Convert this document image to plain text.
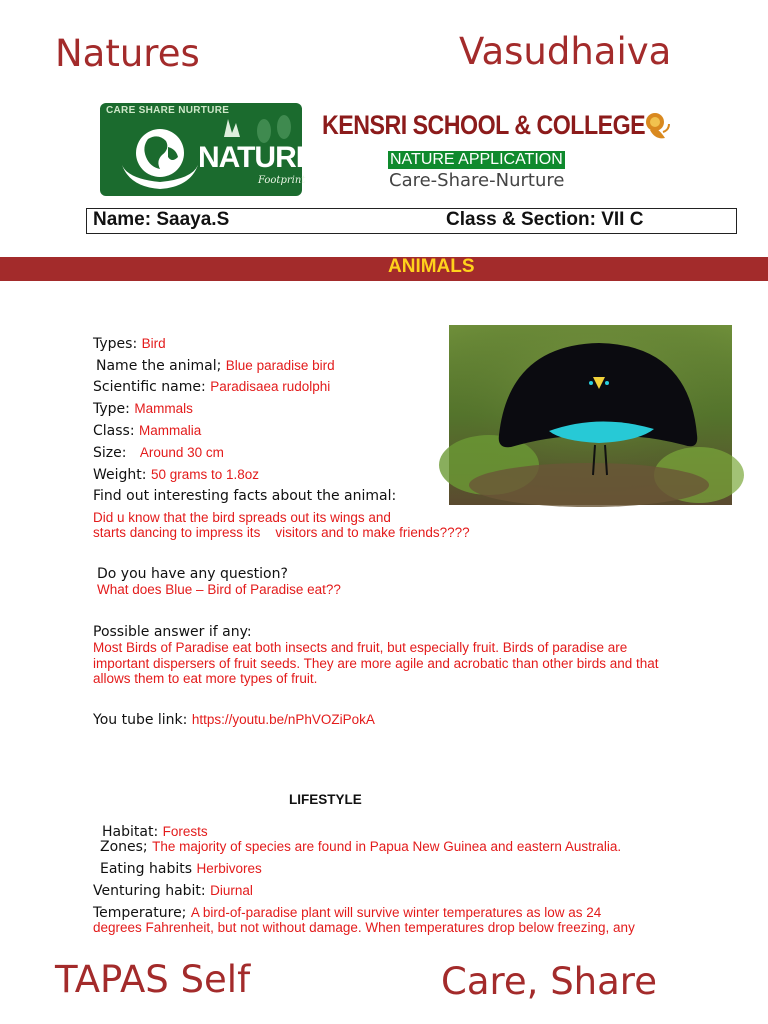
Natures	Vasudhaiva
CARE SHARE NURTURE
NATURE
Footprint
KENSRI SCHOOL & COLLEGE
NATURE APPLICATION
Care-Share-Nurture
Name: Saaya.S	Class & Section: VII C
ANIMALS
Types: Bird
Name the animal; Blue paradise bird
Scientific name: Paradisaea rudolphi
Type: Mammals
Class: Mammalia
Size: Around 30 cm
Weight: 50 grams to 1.8oz
Find out interesting facts about the animal:
Did u know that the bird spreads out its wings and
starts dancing to impress its    visitors and to make friends????
Do you have any question?
What does Blue – Bird of Paradise eat??
Possible answer if any:
Most Birds of Paradise eat both insects and fruit, but especially fruit. Birds of paradise are important dispersers of fruit seeds. They are more agile and acrobatic than other birds and that allows them to eat more types of fruit.
You tube link: https://youtu.be/nPhVOZiPokA
LIFESTYLE
Habitat: Forests
Zones; The majority of species are found in Papua New Guinea and eastern Australia.
Eating habits Herbivores
Venturing habit: Diurnal
Temperature; A bird-of-paradise plant will survive winter temperatures as low as 24
degrees Fahrenheit, but not without damage. When temperatures drop below freezing, any
TAPAS Self	Care, Share
